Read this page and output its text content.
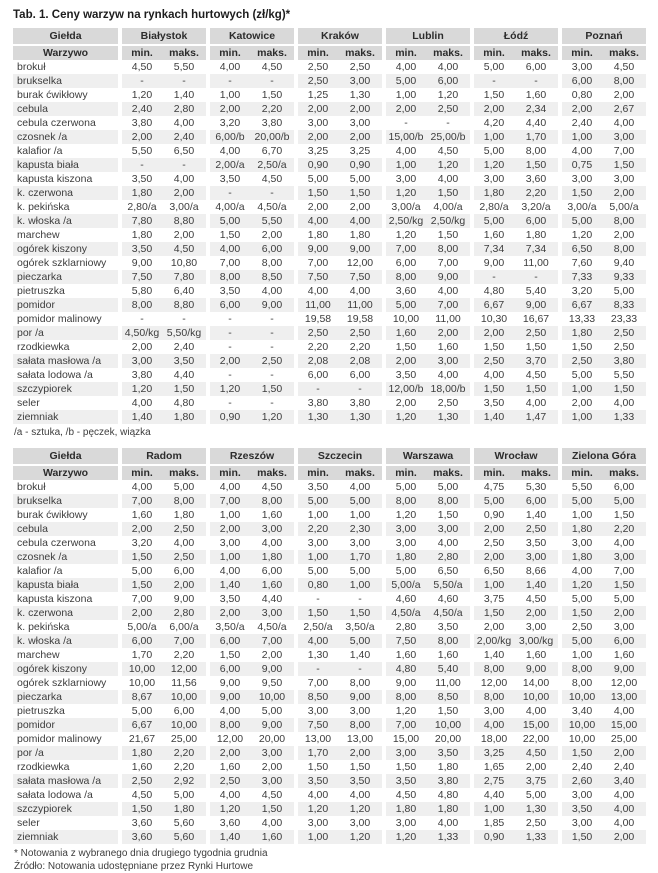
Tab. 1. Ceny warzyw na rynkach hurtowych (zł/kg)*
Giełda	Białystok		Katowice		Kraków		Lublin		Łódź		Poznań	
Warzywo	min.	maks.	min.	maks.	min.	maks.	min.	maks.	min.	maks.	min.	maks.
brokuł	4,50	5,50	4,00	4,50	2,50	2,50	4,00	4,00	5,00	6,00	3,00	4,50
brukselka	-	-	-	-	2,50	3,00	5,00	6,00	-	-	6,00	8,00
burak ćwikłowy	1,20	1,40	1,00	1,50	1,25	1,30	1,00	1,20	1,50	1,60	0,80	2,00
cebula	2,40	2,80	2,00	2,20	2,00	2,00	2,00	2,50	2,00	2,34	2,00	2,67
cebula czerwona	3,80	4,00	3,20	3,80	3,00	3,00	-	-	4,20	4,40	2,40	4,00
czosnek /a	2,00	2,40	6,00/b	20,00/b	2,00	2,00	15,00/b	25,00/b	1,00	1,70	1,00	3,00
kalafior /a	5,50	6,50	4,00	6,70	3,25	3,25	4,00	4,50	5,00	8,00	4,00	7,00
kapusta biała	-	-	2,00/a	2,50/a	0,90	0,90	1,00	1,20	1,20	1,50	0,75	1,50
kapusta kiszona	3,50	4,00	3,50	4,50	5,00	5,00	3,00	4,00	3,00	3,60	3,00	3,00
k. czerwona	1,80	2,00	-	-	1,50	1,50	1,20	1,50	1,80	2,20	1,50	2,00
k. pekińska	2,80/a	3,00/a	4,00/a	4,50/a	2,00	2,00	3,00/a	4,00/a	2,80/a	3,20/a	3,00/a	5,00/a
k. włoska /a	7,80	8,80	5,00	5,50	4,00	4,00	2,50/kg	2,50/kg	5,00	6,00	5,00	8,00
marchew	1,80	2,00	1,50	2,00	1,80	1,80	1,20	1,50	1,60	1,80	1,20	2,00
ogórek kiszony	3,50	4,50	4,00	6,00	9,00	9,00	7,00	8,00	7,34	7,34	6,50	8,00
ogórek szklarniowy	9,00	10,80	7,00	8,00	7,00	12,00	6,00	7,00	9,00	11,00	7,60	9,40
pieczarka	7,50	7,80	8,00	8,50	7,50	7,50	8,00	9,00	-	-	7,33	9,33
pietruszka	5,80	6,40	3,50	4,00	4,00	4,00	3,60	4,00	4,80	5,40	3,20	5,00
pomidor	8,00	8,80	6,00	9,00	11,00	11,00	5,00	7,00	6,67	9,00	6,67	8,33
pomidor malinowy	-	-	-	-	19,58	19,58	10,00	11,00	10,30	16,67	13,33	23,33
por /a	4,50/kg	5,50/kg	-	-	2,50	2,50	1,60	2,00	2,00	2,50	1,80	2,50
rzodkiewka	2,00	2,40	-	-	2,20	2,20	1,50	1,60	1,50	1,50	1,50	2,50
sałata masłowa /a	3,00	3,50	2,00	2,50	2,08	2,08	2,00	3,00	2,50	3,70	2,50	3,80
sałata lodowa /a	3,80	4,40	-	-	6,00	6,00	3,50	4,00	4,00	4,50	5,00	5,50
szczypiorek	1,20	1,50	1,20	1,50	-	-	12,00/b	18,00/b	1,50	1,50	1,00	1,50
seler	4,00	4,80	-	-	3,80	3,80	2,00	2,50	3,50	4,00	2,00	4,00
ziemniak	1,40	1,80	0,90	1,20	1,30	1,30	1,20	1,30	1,40	1,47	1,00	1,33
/a - sztuka, /b - pęczek, wiązka
Giełda	Radom		Rzeszów		Szczecin		Warszawa		Wrocław		Zielona Góra	
Warzywo	min.	maks.	min.	maks.	min.	maks.	min.	maks.	min.	maks.	min.	maks.
brokuł	4,00	5,00	4,00	4,50	3,50	4,00	5,00	5,00	4,75	5,30	5,50	6,00
brukselka	7,00	8,00	7,00	8,00	5,00	5,00	8,00	8,00	5,00	6,00	5,00	5,00
burak ćwikłowy	1,60	1,80	1,00	1,60	1,00	1,00	1,20	1,50	0,90	1,40	1,00	1,50
cebula	2,00	2,50	2,00	3,00	2,20	2,30	3,00	3,00	2,00	2,50	1,80	2,20
cebula czerwona	3,20	4,00	3,00	4,00	3,00	3,00	3,00	4,00	2,50	3,50	3,00	4,00
czosnek /a	1,50	2,50	1,00	1,80	1,00	1,70	1,80	2,80	2,00	3,00	1,80	3,00
kalafior /a	5,00	6,00	4,00	6,00	5,00	5,00	5,00	6,50	6,50	8,66	4,00	7,00
kapusta biała	1,50	2,00	1,40	1,60	0,80	1,00	5,00/a	5,50/a	1,00	1,40	1,20	1,50
kapusta kiszona	7,00	9,00	3,50	4,40	-	-	4,60	4,60	3,75	4,50	5,00	5,00
k. czerwona	2,00	2,80	2,00	3,00	1,50	1,50	4,50/a	4,50/a	1,50	2,00	1,50	2,00
k. pekińska	5,00/a	6,00/a	3,50/a	4,50/a	2,50/a	3,50/a	2,80	3,50	2,00	3,00	2,50	3,00
k. włoska /a	6,00	7,00	6,00	7,00	4,00	5,00	7,50	8,00	2,00/kg	3,00/kg	5,00	6,00
marchew	1,70	2,20	1,50	2,00	1,30	1,40	1,60	1,60	1,40	1,60	1,00	1,60
ogórek kiszony	10,00	12,00	6,00	9,00	-	-	4,80	5,40	8,00	9,00	8,00	9,00
ogórek szklarniowy	10,00	11,56	9,00	9,50	7,00	8,00	9,00	11,00	12,00	14,00	8,00	12,00
pieczarka	8,67	10,00	9,00	10,00	8,50	9,00	8,00	8,50	8,00	10,00	10,00	13,00
pietruszka	5,00	6,00	4,00	5,00	3,00	3,00	1,20	1,50	3,00	4,00	3,40	4,00
pomidor	6,67	10,00	8,00	9,00	7,50	8,00	7,00	10,00	4,00	15,00	10,00	15,00
pomidor malinowy	21,67	25,00	12,00	20,00	13,00	13,00	15,00	20,00	18,00	22,00	10,00	25,00
por /a	1,80	2,20	2,00	3,00	1,70	2,00	3,00	3,50	3,25	4,50	1,50	2,00
rzodkiewka	1,60	2,20	1,60	2,00	1,50	1,50	1,50	1,80	1,65	2,00	2,40	2,40
sałata masłowa /a	2,50	2,92	2,50	3,00	3,50	3,50	3,50	3,80	2,75	3,75	2,60	3,40
sałata lodowa /a	4,50	5,00	4,00	4,50	4,00	4,00	4,50	4,80	4,40	5,00	3,00	4,00
szczypiorek	1,50	1,80	1,20	1,50	1,20	1,20	1,80	1,80	1,00	1,30	3,50	4,00
seler	3,60	5,60	3,60	4,00	3,00	3,00	3,00	4,00	1,85	2,50	3,00	4,00
ziemniak	3,60	5,60	1,40	1,60	1,00	1,20	1,20	1,33	0,90	1,33	1,50	2,00
* Notowania z wybranego dnia drugiego tygodnia grudnia
Źródło: Notowania udostępniane przez Rynki Hurtowe
